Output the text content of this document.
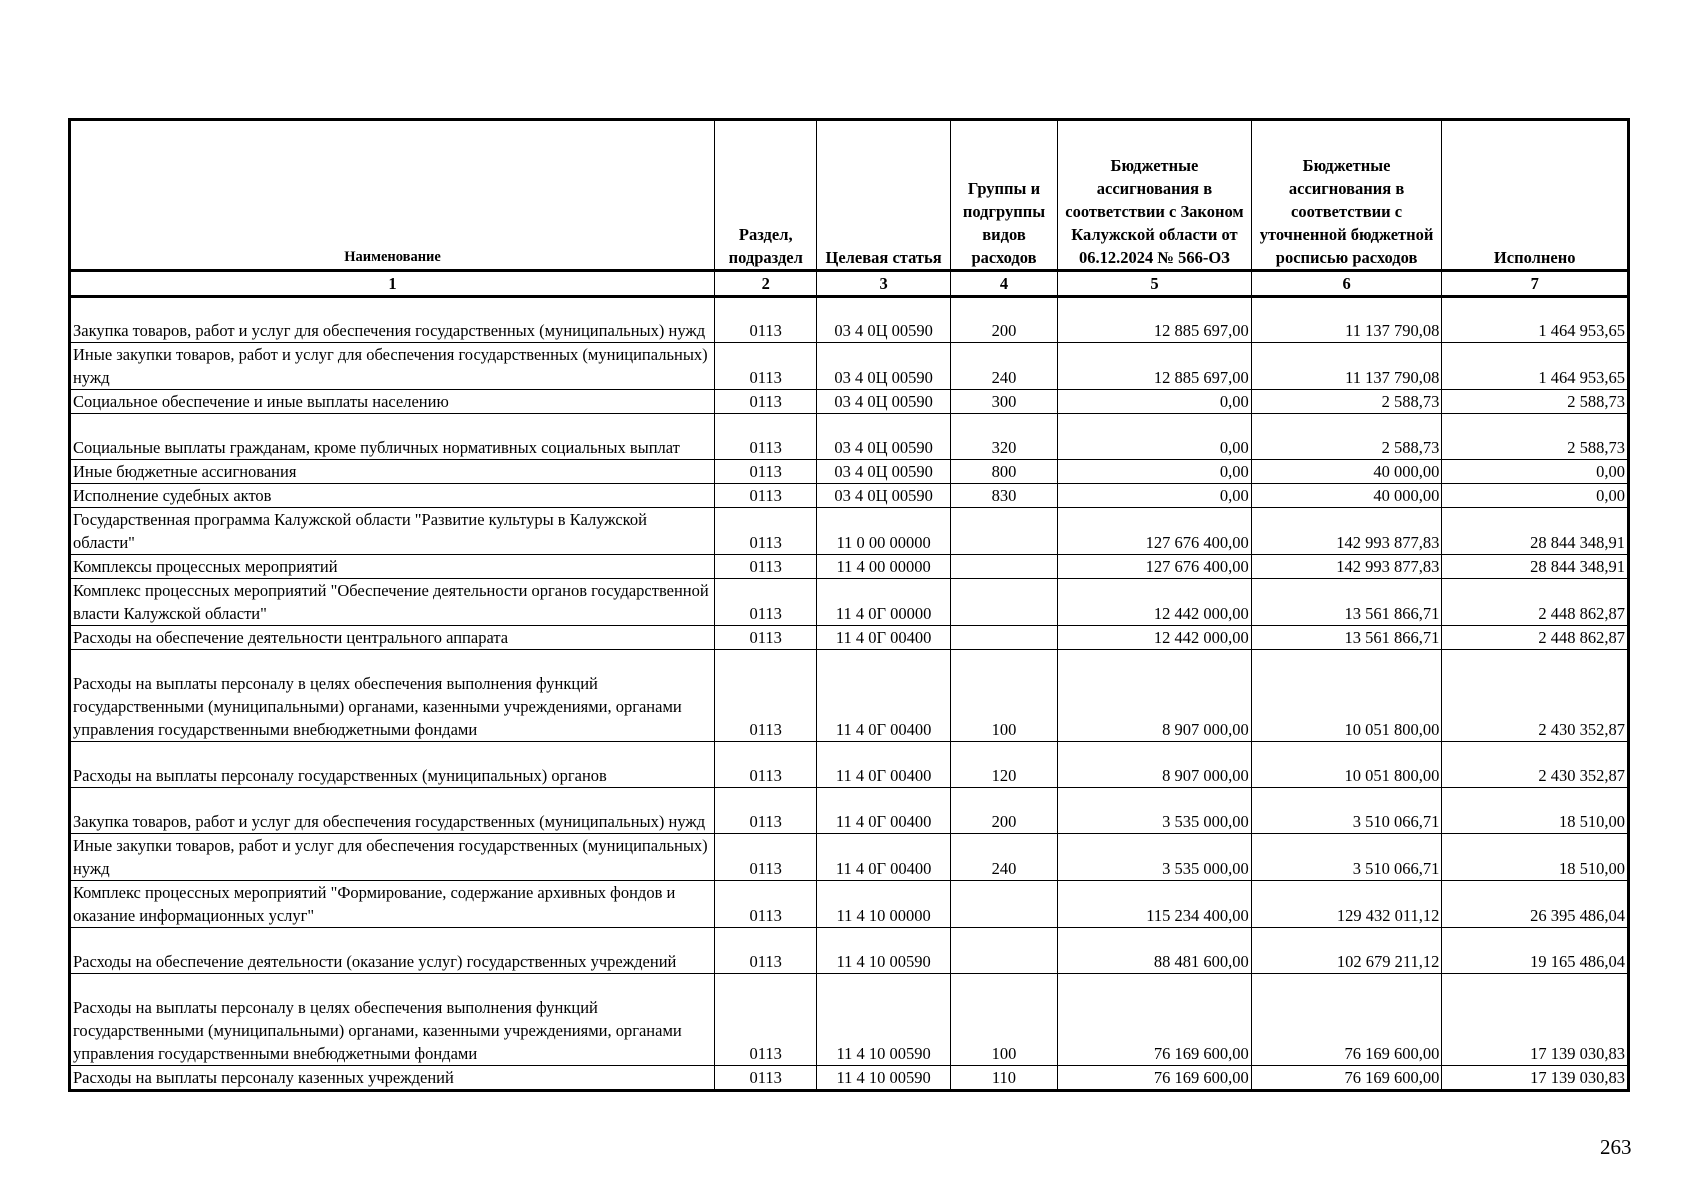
Наименование	Раздел, подраздел	Целевая статья	Группы и подгруппы видов расходов	Бюджетные ассигнования в соответствии с Законом Калужской области от 06.12.2024 № 566-ОЗ	Бюджетные ассигнования в соответствии с уточненной бюджетной росписью расходов	Исполнено
1	2	3	4	5	6	7
Закупка товаров, работ и услуг для обеспечения государственных (муниципальных) нужд	0113	03 4 0Ц 00590	200	12 885 697,00	11 137 790,08	1 464 953,65
Иные закупки товаров, работ и услуг для обеспечения государственных (муниципальных) нужд	0113	03 4 0Ц 00590	240	12 885 697,00	11 137 790,08	1 464 953,65
Социальное обеспечение и иные выплаты населению	0113	03 4 0Ц 00590	300	0,00	2 588,73	2 588,73
Социальные выплаты гражданам, кроме публичных нормативных социальных выплат	0113	03 4 0Ц 00590	320	0,00	2 588,73	2 588,73
Иные бюджетные ассигнования	0113	03 4 0Ц 00590	800	0,00	40 000,00	0,00
Исполнение судебных актов	0113	03 4 0Ц 00590	830	0,00	40 000,00	0,00
Государственная программа Калужской области "Развитие культуры в Калужской области"	0113	11 0 00 00000		127 676 400,00	142 993 877,83	28 844 348,91
Комплексы процессных мероприятий	0113	11 4 00 00000		127 676 400,00	142 993 877,83	28 844 348,91
Комплекс процессных мероприятий "Обеспечение деятельности органов государственной власти Калужской области"	0113	11 4 0Г 00000		12 442 000,00	13 561 866,71	2 448 862,87
Расходы на обеспечение деятельности центрального аппарата	0113	11 4 0Г 00400		12 442 000,00	13 561 866,71	2 448 862,87
Расходы на выплаты персоналу в целях обеспечения выполнения функций государственными (муниципальными) органами, казенными учреждениями, органами управления государственными внебюджетными фондами	0113	11 4 0Г 00400	100	8 907 000,00	10 051 800,00	2 430 352,87
Расходы на выплаты персоналу государственных (муниципальных) органов	0113	11 4 0Г 00400	120	8 907 000,00	10 051 800,00	2 430 352,87
Закупка товаров, работ и услуг для обеспечения государственных (муниципальных) нужд	0113	11 4 0Г 00400	200	3 535 000,00	3 510 066,71	18 510,00
Иные закупки товаров, работ и услуг для обеспечения государственных (муниципальных) нужд	0113	11 4 0Г 00400	240	3 535 000,00	3 510 066,71	18 510,00
Комплекс процессных мероприятий "Формирование, содержание архивных фондов и оказание информационных услуг"	0113	11 4 10 00000		115 234 400,00	129 432 011,12	26 395 486,04
Расходы на обеспечение деятельности (оказание услуг) государственных учреждений	0113	11 4 10 00590		88 481 600,00	102 679 211,12	19 165 486,04
Расходы на выплаты персоналу в целях обеспечения выполнения функций государственными (муниципальными) органами, казенными учреждениями, органами управления государственными внебюджетными фондами	0113	11 4 10 00590	100	76 169 600,00	76 169 600,00	17 139 030,83
Расходы на выплаты персоналу казенных учреждений	0113	11 4 10 00590	110	76 169 600,00	76 169 600,00	17 139 030,83
263
